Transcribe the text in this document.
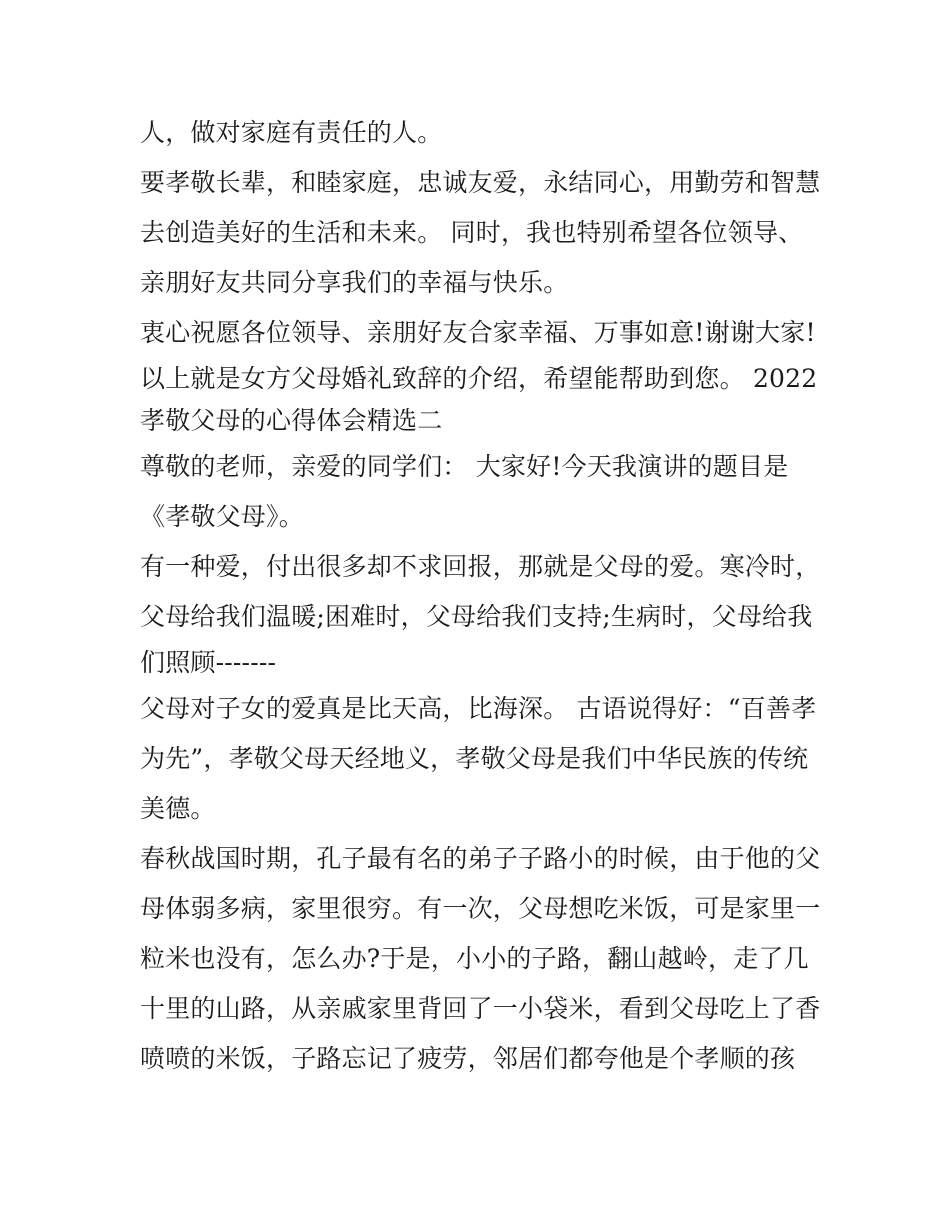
人，做对家庭有责任的人。
要孝敬长辈，和睦家庭，忠诚友爱，永结同心，用勤劳和智慧
去创造美好的生活和未来。 同时，我也特别希望各位领导、
亲朋好友共同分享我们的幸福与快乐。
衷心祝愿各位领导、亲朋好友合家幸福、万事如意!谢谢大家!
以上就是女方父母婚礼致辞的介绍，希望能帮助到您。 2022
孝敬父母的心得体会精选二
尊敬的老师，亲爱的同学们： 大家好!今天我演讲的题目是
《孝敬父母》。
有一种爱，付出很多却不求回报，那就是父母的爱。寒冷时，
父母给我们温暖;困难时，父母给我们支持;生病时，父母给我
们照顾-------
父母对子女的爱真是比天高，比海深。 古语说得好：“百善孝
为先”，孝敬父母天经地义，孝敬父母是我们中华民族的传统
美德。
春秋战国时期，孔子最有名的弟子子路小的时候，由于他的父
母体弱多病，家里很穷。有一次，父母想吃米饭，可是家里一
粒米也没有，怎么办?于是，小小的子路，翻山越岭，走了几
十里的山路，从亲戚家里背回了一小袋米，看到父母吃上了香
喷喷的米饭，子路忘记了疲劳，邻居们都夸他是个孝顺的孩
